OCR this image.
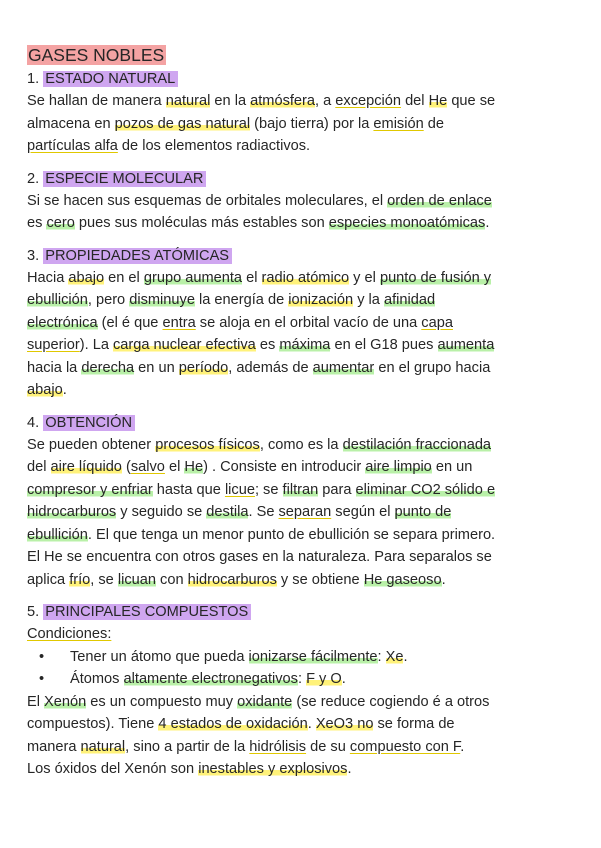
GASES NOBLES
1. ESTADO NATURAL

Se hallan de manera natural en la atmósfera, a excepción del He que se
almacena en pozos de gas natural (bajo tierra) por la emisión de
partículas alfa de los elementos radiactivos.

2. ESPECIE MOLECULAR

Si se hacen sus esquemas de orbitales moleculares, el orden de enlace
es cero pues sus moléculas más estables son especies monoatómicas.

3. PROPIEDADES ATÓMICAS

Hacia abajo en el grupo aumenta el radio atómico y el punto de fusión y
ebullición, pero disminuye la energía de ionización y la afinidad
electrónica (el é que entra se aloja en el orbital vacío de una capa
superior). La carga nuclear efectiva es máxima en el G18 pues aumenta
hacia la derecha en un período, además de aumentar en el grupo hacia
abajo.

4. OBTENCIÓN

Se pueden obtener procesos físicos, como es la destilación fraccionada
del aire líquido (salvo el He) . Consiste en introducir aire limpio en un
compresor y enfriar hasta que licue; se filtran para eliminar CO2 sólido e
hidrocarburos y seguido se destila. Se separan según el punto de
ebullición. El que tenga un menor punto de ebullición se separa primero.
El He se encuentra con otros gases en la naturaleza. Para separalos se
aplica frío, se licuan con hidrocarburos y se obtiene He gaseoso.

5. PRINCIPALES COMPUESTOS

Condiciones:

• Tener un átomo que pueda ionizarse fácilmente: Xe.
• Átomos altamente electronegativos: F y O.

El Xenón es un compuesto muy oxidante (se reduce cogiendo é a otros
compuestos). Tiene 4 estados de oxidación. XeO3 no se forma de
manera natural, sino a partir de la hidrólisis de su compuesto con F.
Los óxidos del Xenón son inestables y explosivos.
